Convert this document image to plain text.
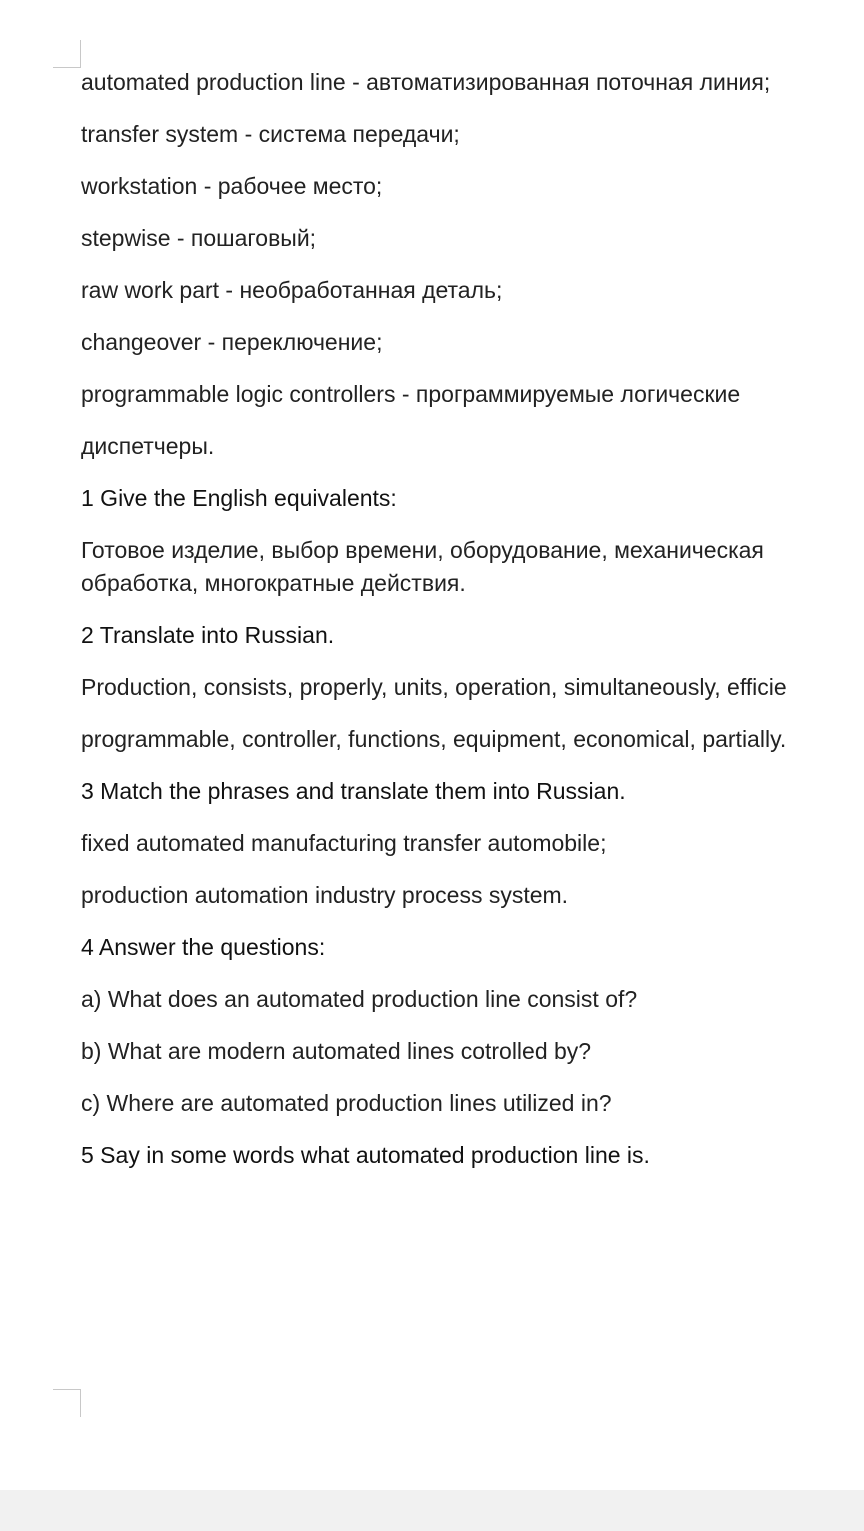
automated production line - автоматизированная поточная линия;

transfer system - система передачи;

workstation - рабочее место;

stepwise - пошаговый;

raw work part - необработанная деталь;

changeover - переключение;

programmable logic controllers - программируемые логические

диспетчеры.

1 Give the English equivalents:

Готовое изделие, выбор времени, оборудование, механическая обработка, многократные действия.

2 Translate into Russian.

Production, consists, properly, units, operation, simultaneously, efficie

programmable, controller, functions, equipment, economical, partially.

3 Match the phrases and translate them into Russian.

fixed automated manufacturing transfer automobile;

production automation industry process system.

4 Answer the questions:

a) What does an automated production line consist of?

b) What are modern automated lines cotrolled by?

c) Where are automated production lines utilized in?

5 Say in some words what automated production line is.
